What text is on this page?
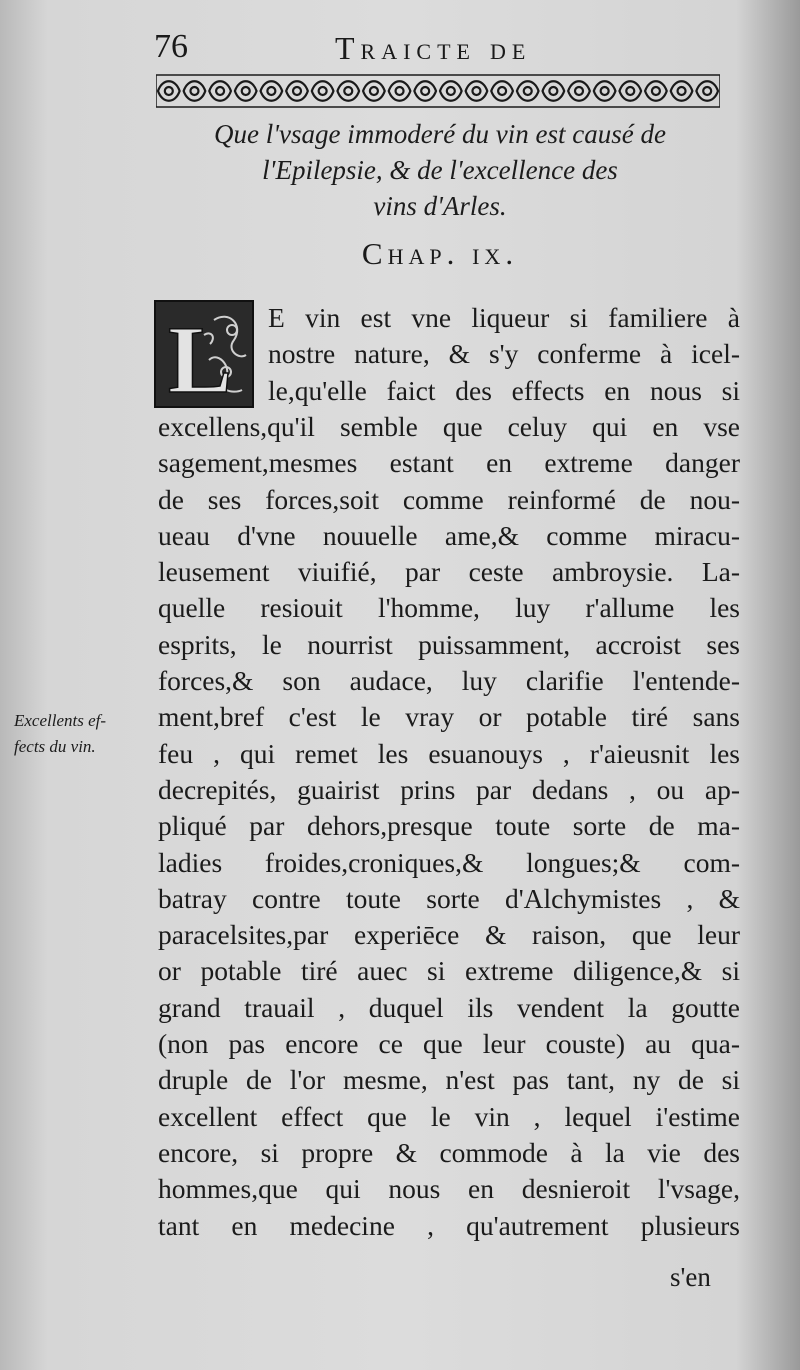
76	Traicte de
Que l'vsage immoderé du vin est causé de
l'Epilepsie, & de l'excellence des
vins d'Arles.
Chap. ix.
L E vin est vne liqueur si familiere à
nostre nature, & s'y conferme à icel-
le,qu'elle faict des effects en nous si
excellens,qu'il semble que celuy qui en vse
sagement,mesmes estant en extreme danger
de ses forces,soit comme reinformé de nou-
ueau d'vne nouuelle ame,& comme miracu-
leusement viuifié, par ceste ambroysie. La-
quelle resiouit l'homme, luy r'allume les
esprits, le nourrist puissamment, accroist ses
forces,& son audace, luy clarifie l'entende-
ment,bref c'est le vray or potable tiré sans
feu , qui remet les esuanouys , r'aieusnit les
decrepités, guairist prins par dedans , ou ap-
pliqué par dehors,presque toute sorte de ma-
ladies froides,croniques,& longues;& com-
batray contre toute sorte d'Alchymistes , &
paracelsites,par experiēce & raison, que leur
or potable tiré auec si extreme diligence,& si
grand trauail , duquel ils vendent la goutte
(non pas encore ce que leur couste) au qua-
druple de l'or mesme, n'est pas tant, ny de si
excellent effect que le vin , lequel i'estime
encore, si propre & commode à la vie des
hommes,que qui nous en desnieroit l'vsage,
tant en medecine , qu'autrement plusieurs
Excellents ef-
fects du vin.
s'en
